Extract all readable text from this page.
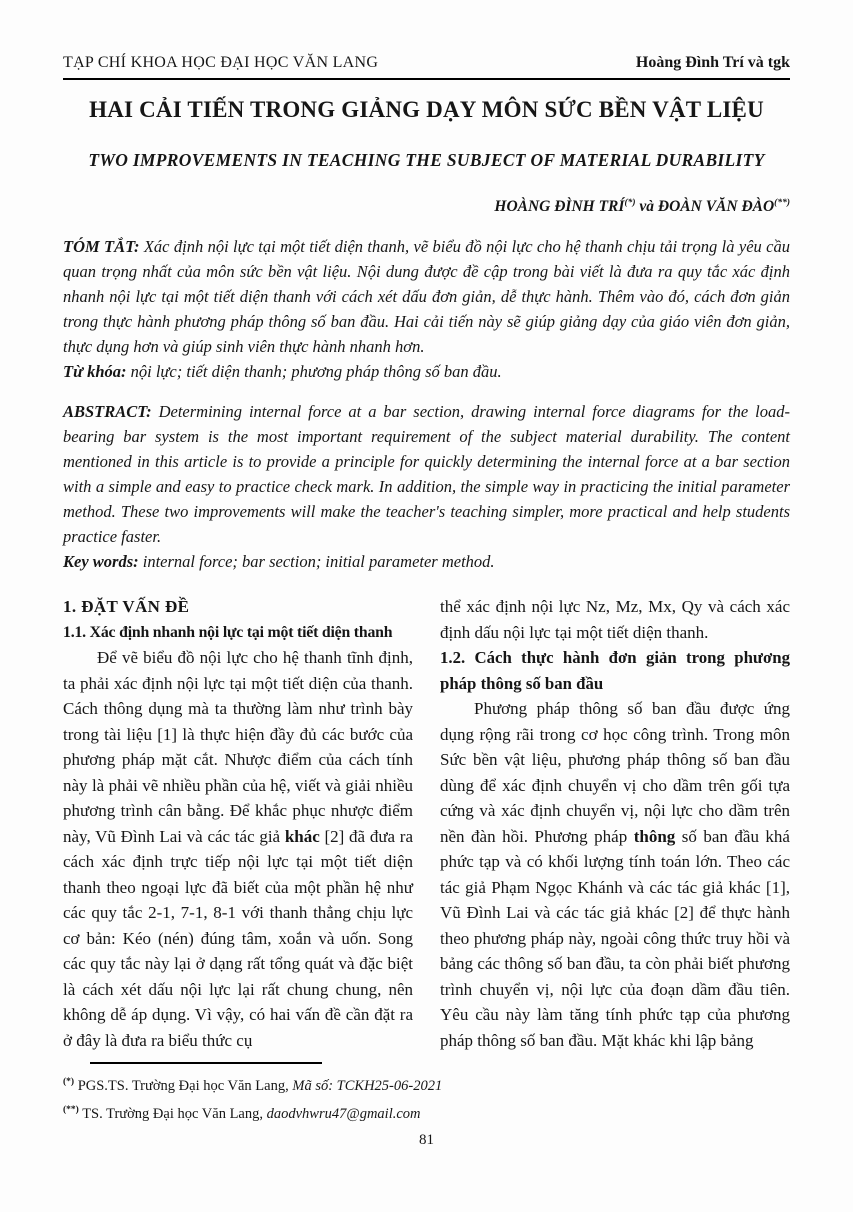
TẠP CHÍ KHOA HỌC ĐẠI HỌC VĂN LANG	Hoàng Đình Trí và tgk
HAI CẢI TIẾN TRONG GIẢNG DẠY MÔN SỨC BỀN VẬT LIỆU
TWO IMPROVEMENTS IN TEACHING THE SUBJECT OF MATERIAL DURABILITY
HOÀNG ĐÌNH TRÍ(*) và ĐOÀN VĂN ĐÀO(**)

TÓM TẮT: Xác định nội lực tại một tiết diện thanh, vẽ biểu đồ nội lực cho hệ thanh chịu tải trọng là yêu cầu quan trọng nhất của môn sức bền vật liệu. Nội dung được đề cập trong bài viết là đưa ra quy tắc xác định nhanh nội lực tại một tiết diện thanh với cách xét dấu đơn giản, dễ thực hành. Thêm vào đó, cách đơn giản trong thực hành phương pháp thông số ban đầu. Hai cải tiến này sẽ giúp giảng dạy của giáo viên đơn giản, thực dụng hơn và giúp sinh viên thực hành nhanh hơn.

Từ khóa: nội lực; tiết diện thanh; phương pháp thông số ban đầu.

ABSTRACT: Determining internal force at a bar section, drawing internal force diagrams for the load-bearing bar system is the most important requirement of the subject material durability. The content mentioned in this article is to provide a principle for quickly determining the internal force at a bar section with a simple and easy to practice check mark. In addition, the simple way in practicing the initial parameter method. These two improvements will make the teacher's teaching simpler, more practical and help students practice faster.

Key words: internal force; bar section; initial parameter method.

1. ĐẶT VẤN ĐỀ
1.1. Xác định nhanh nội lực tại một tiết diện thanh

Để vẽ biểu đồ nội lực cho hệ thanh tĩnh định, ta phải xác định nội lực tại một tiết diện của thanh. Cách thông dụng mà ta thường làm như trình bày trong tài liệu [1] là thực hiện đầy đủ các bước của phương pháp mặt cắt. Nhược điểm của cách tính này là phải vẽ nhiều phần của hệ, viết và giải nhiều phương trình cân bằng. Để khắc phục nhược điểm này, Vũ Đình Lai và các tác giả khác [2] đã đưa ra cách xác định trực tiếp nội lực tại một tiết diện thanh theo ngoại lực đã biết của một phần hệ như các quy tắc 2-1, 7-1, 8-1 với thanh thẳng chịu lực cơ bản: Kéo (nén) đúng tâm, xoắn và uốn. Song các quy tắc này lại ở dạng rất tổng quát và đặc biệt là cách xét dấu nội lực lại rất chung chung, nên không dễ áp dụng. Vì vậy, có hai vấn đề cần đặt ra ở đây là đưa ra biểu thức cụ

thể xác định nội lực Nz, Mz, Mx, Qy và cách xác định dấu nội lực tại một tiết diện thanh.

1.2. Cách thực hành đơn giản trong phương pháp thông số ban đầu

Phương pháp thông số ban đầu được ứng dụng rộng rãi trong cơ học công trình. Trong môn Sức bền vật liệu, phương pháp thông số ban đầu dùng để xác định chuyển vị cho dầm trên gối tựa cứng và xác định chuyển vị, nội lực cho dầm trên nền đàn hồi. Phương pháp thông số ban đầu khá phức tạp và có khối lượng tính toán lớn. Theo các tác giả Phạm Ngọc Khánh và các tác giả khác [1], Vũ Đình Lai và các tác giả khác [2] để thực hành theo phương pháp này, ngoài công thức truy hồi và bảng các thông số ban đầu, ta còn phải biết phương trình chuyển vị, nội lực của đoạn dầm đầu tiên. Yêu cầu này làm tăng tính phức tạp của phương pháp thông số ban đầu. Mặt khác khi lập bảng

(*) PGS.TS. Trường Đại học Văn Lang, Mã số: TCKH25-06-2021
(**) TS. Trường Đại học Văn Lang, daodvhwru47@gmail.com
81
